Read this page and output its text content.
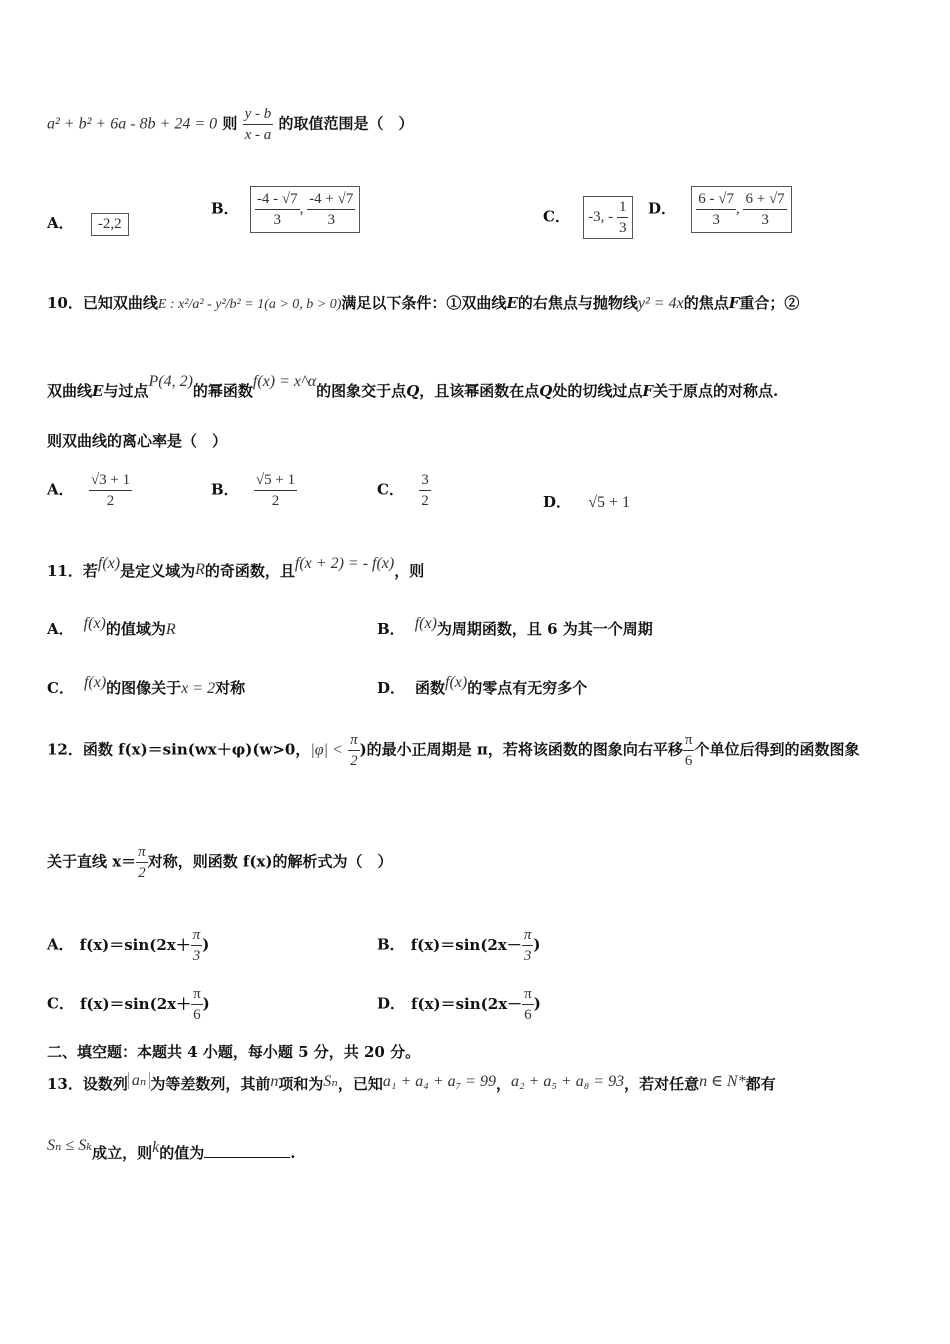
a² + b² + 6a - 8b + 24 = 0 则 $\frac{y - b}{x - a}$ 的取值范围是（　）
A． -2,2
B． $\frac{-4 - √7}{3}$ , $\frac{-4 + √7}{3}$	C． -3, - $\frac{1}{3}$ D． $\frac{6 - √7}{3}$ , $\frac{6 + √7}{3}$
10．已知双曲线E : x²/a² - y²/b² = 1(a > 0, b > 0)满足以下条件：①双曲线E的右焦点与抛物线y² = 4x的焦点F重合；②
双曲线E与过点P(4, 2)的幂函数f(x) = x^α的图象交于点Q，且该幂函数在点Q处的切线过点F关于原点的对称点.
则双曲线的离心率是（　）
A． $\frac{√3 + 1}{2}$	B． $\frac{√5 + 1}{2}$	C． $\frac{3}{2}$	D． √5 + 1
11．若f(x)是定义域为R的奇函数，且f(x + 2) = - f(x)，则
A． f(x)的值域为R	B． f(x)为周期函数，且 6 为其一个周期
C． f(x)的图像关于x = 2对称	D． 函数f(x)的零点有无穷多个
12．函数 f(x)＝sin(wx＋φ)(w>0，$|\varphi| < \frac{\pi}{2}$ )的最小正周期是 π，若将该函数的图象向右平移 $\frac{\pi}{6}$ 个单位后得到的函数图象
关于直线 $x= \frac{\pi}{2}$ 对称，则函数 f(x)的解析式为（　）
A． $f(x)=\sin(2x+ \frac{\pi}{3}$ )	B． $f(x)=\sin(2x- \frac{\pi}{3}$ )
C． $f(x)=\sin(2x+ \frac{\pi}{6}$ )	D． $f(x)=\sin(2x- \frac{\pi}{6}$ )
二、填空题：本题共 4 小题，每小题 5 分，共 20 分。
13．设数列 aₙ 为等差数列，其前n项和为Sₙ，已知a₁ + a₄ + a₇ = 99，a₂ + a₅ + a₈ = 93，若对任意n ∈ N*都有
Sₙ ≤ Sₖ成立，则k的值为	.
